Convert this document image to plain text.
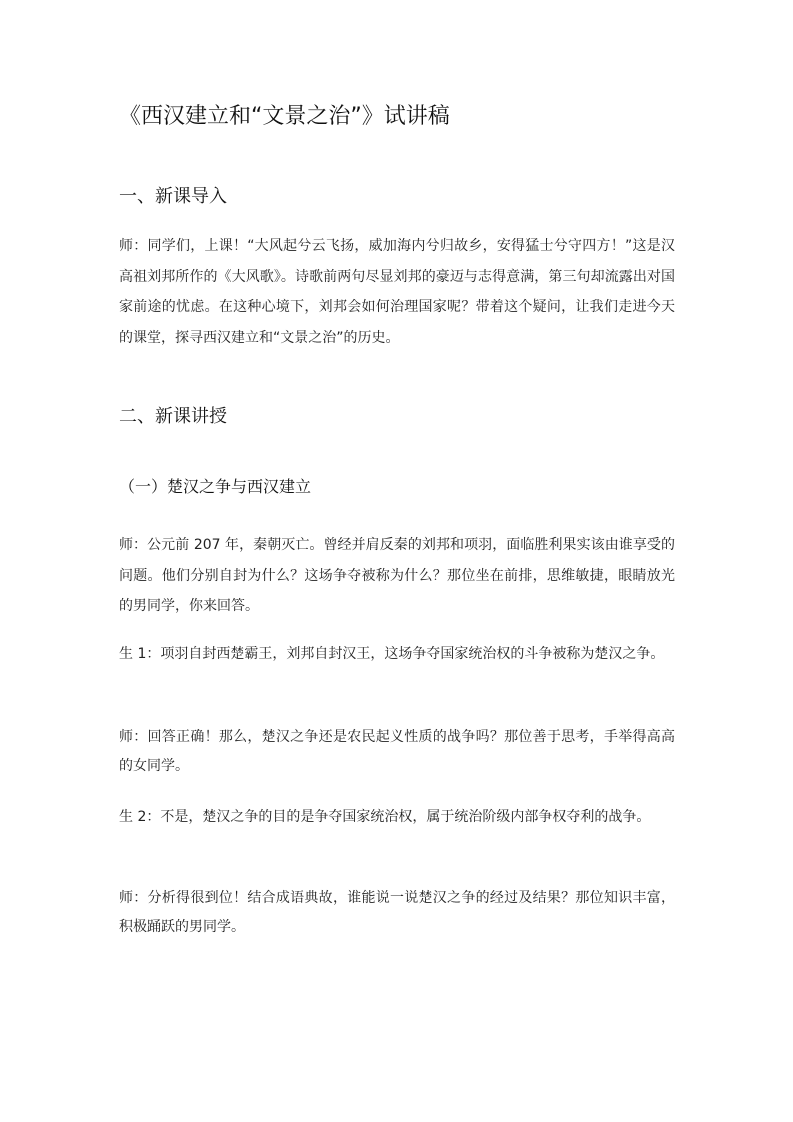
《西汉建立和“文景之治”》试讲稿
一、新课导入

师：同学们，上课！“大风起兮云飞扬，威加海内兮归故乡，安得猛士兮守四方！”这是汉高祖刘邦所作的《大风歌》。诗歌前两句尽显刘邦的豪迈与志得意满，第三句却流露出对国家前途的忧虑。在这种心境下，刘邦会如何治理国家呢？带着这个疑问，让我们走进今天的课堂，探寻西汉建立和“文景之治”的历史。

二、新课讲授
（一）楚汉之争与西汉建立

师：公元前 207 年，秦朝灭亡。曾经并肩反秦的刘邦和项羽，面临胜利果实该由谁享受的问题。他们分别自封为什么？这场争夺被称为什么？那位坐在前排，思维敏捷，眼睛放光的男同学，你来回答。

生 1：项羽自封西楚霸王，刘邦自封汉王，这场争夺国家统治权的斗争被称为楚汉之争。

师：回答正确！那么，楚汉之争还是农民起义性质的战争吗？那位善于思考，手举得高高的女同学。

生 2：不是，楚汉之争的目的是争夺国家统治权，属于统治阶级内部争权夺利的战争。

师：分析得很到位！结合成语典故，谁能说一说楚汉之争的经过及结果？那位知识丰富，积极踊跃的男同学。
